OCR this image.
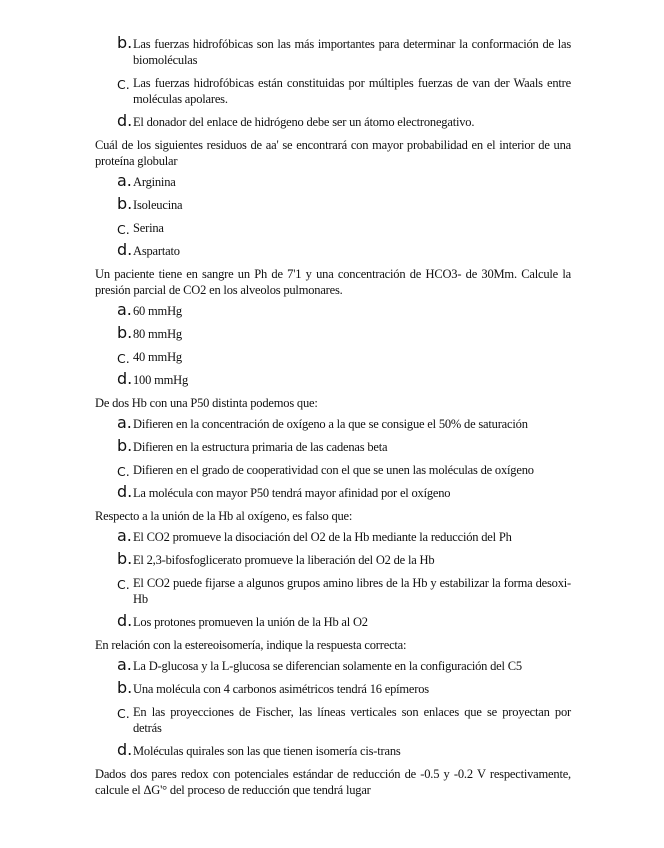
b. Las fuerzas hidrofóbicas son las más importantes para determinar la conformación de las biomoléculas
C. Las fuerzas hidrofóbicas están constituidas por múltiples fuerzas de van der Waals entre moléculas apolares.
d. El donador del enlace de hidrógeno debe ser un átomo electronegativo.
Cuál de los siguientes residuos de aa' se encontrará con mayor probabilidad en el interior de una proteína globular
a. Arginina
b. Isoleucina
C. Serina
d. Aspartato
Un paciente tiene en sangre un Ph de 7'1 y una concentración de HCO3- de 30Mm. Calcule la presión parcial de CO2 en los alveolos pulmonares.
a. 60 mmHg
b. 80 mmHg
C. 40 mmHg
d. 100 mmHg
De dos Hb con una P50 distinta podemos que:
a. Difieren en la concentración de oxígeno a la que se consigue el 50% de saturación
b. Difieren en la estructura primaria de las cadenas beta
C. Difieren en el grado de cooperatividad con el que se unen las moléculas de oxígeno
d. La molécula con mayor P50 tendrá mayor afinidad por el oxígeno
Respecto a la unión de la Hb al oxígeno, es falso que:
a. El CO2 promueve la disociación del O2 de la Hb mediante la reducción del Ph
b. El 2,3-bifosfoglicerato promueve la liberación del O2 de la Hb
C. El CO2 puede fijarse a algunos grupos amino libres de la Hb y estabilizar la forma desoxi-Hb
d. Los protones promueven la unión de la Hb al O2
En relación con la estereoisomería, indique la respuesta correcta:
a. La D-glucosa y la L-glucosa se diferencian solamente en la configuración del C5
b. Una molécula con 4 carbonos asimétricos tendrá 16 epímeros
C. En las proyecciones de Fischer, las líneas verticales son enlaces que se proyectan por detrás
d. Moléculas quirales son las que tienen isomería cis-trans
Dados dos pares redox con potenciales estándar de reducción de -0.5 y -0.2 V respectivamente, calcule el ΔG'° del proceso de reducción que tendrá lugar
